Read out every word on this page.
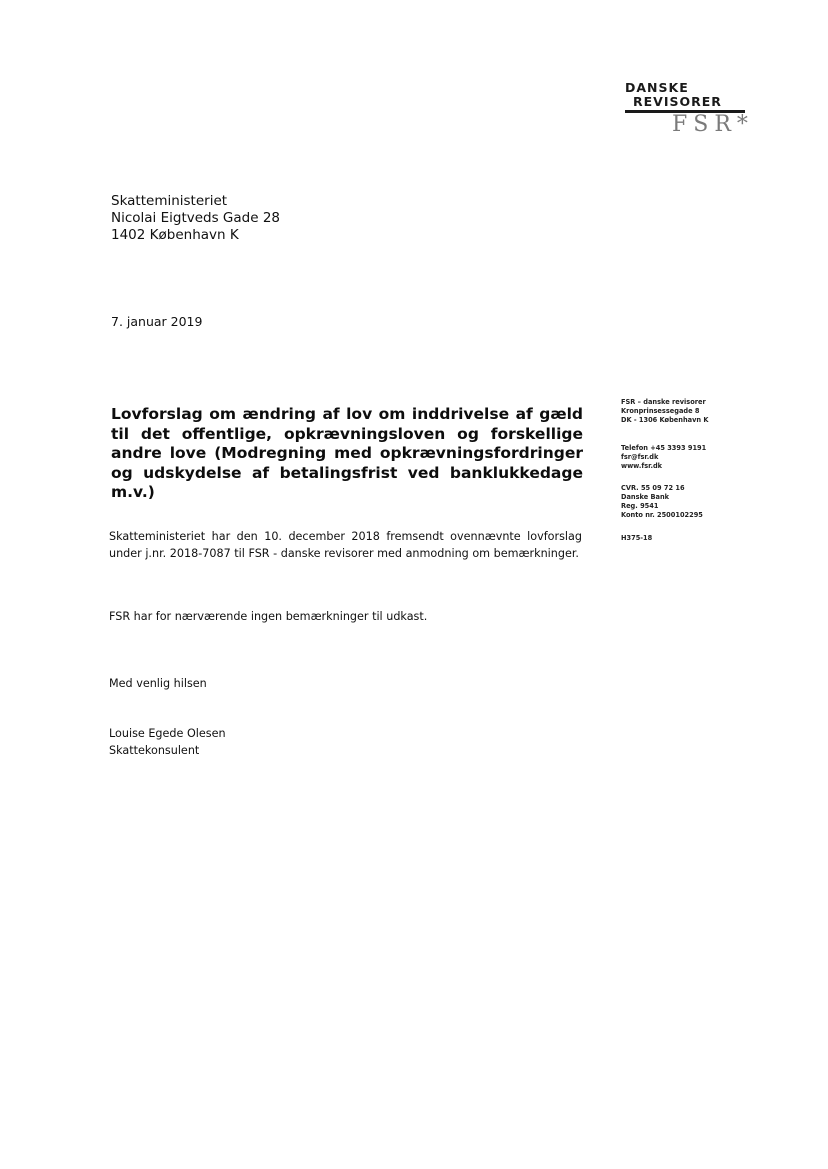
DANSKE
REVISORER
FSR*
Skatteministeriet
Nicolai Eigtveds Gade 28
1402 København K
7. januar 2019
Lovforslag om ændring af lov om inddrivelse af gæld til det offentlige, opkrævningsloven og forskellige andre love (Modregning med opkrævningsfordringer og udskydelse af betalingsfrist ved banklukkedage m.v.)
Skatteministeriet har den 10. december 2018 fremsendt ovennævnte lovforslag under j.nr. 2018-7087 til FSR - danske revisorer med anmodning om bemærkninger.
FSR har for nærværende ingen bemærkninger til udkast.
Med venlig hilsen
Louise Egede Olesen
Skattekonsulent
FSR – danske revisorer
Kronprinsessegade 8
DK - 1306 København K
Telefon +45 3393 9191
fsr@fsr.dk
www.fsr.dk
CVR. 55 09 72 16
Danske Bank
Reg. 9541
Konto nr. 2500102295
H375-18
